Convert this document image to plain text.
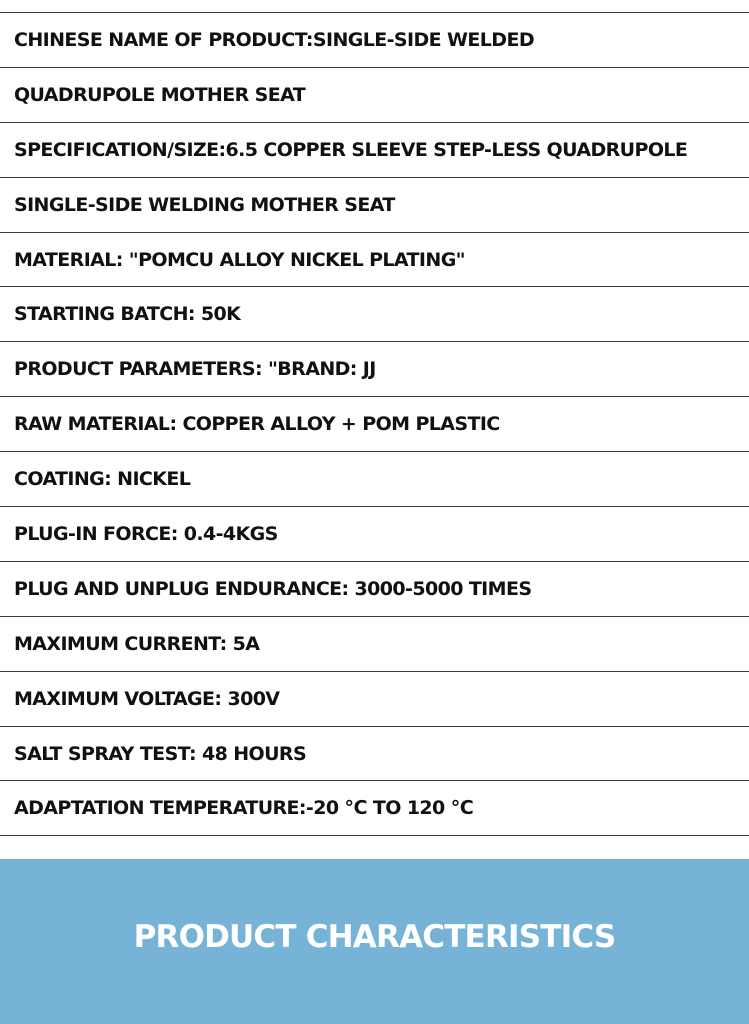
CHINESE NAME OF PRODUCT:SINGLE-SIDE WELDED
QUADRUPOLE MOTHER SEAT
SPECIFICATION/SIZE:6.5 COPPER SLEEVE STEP-LESS QUADRUPOLE
SINGLE-SIDE WELDING MOTHER SEAT
MATERIAL: "POMCU ALLOY NICKEL PLATING"
STARTING BATCH: 50K
PRODUCT PARAMETERS: "BRAND: JJ
RAW MATERIAL: COPPER ALLOY + POM PLASTIC
COATING: NICKEL
PLUG-IN FORCE: 0.4-4KGS
PLUG AND UNPLUG ENDURANCE: 3000-5000 TIMES
MAXIMUM CURRENT: 5A
MAXIMUM VOLTAGE: 300V
SALT SPRAY TEST: 48 HOURS
ADAPTATION TEMPERATURE:-20 ℃ TO 120 ℃
PRODUCT CHARACTERISTICS
